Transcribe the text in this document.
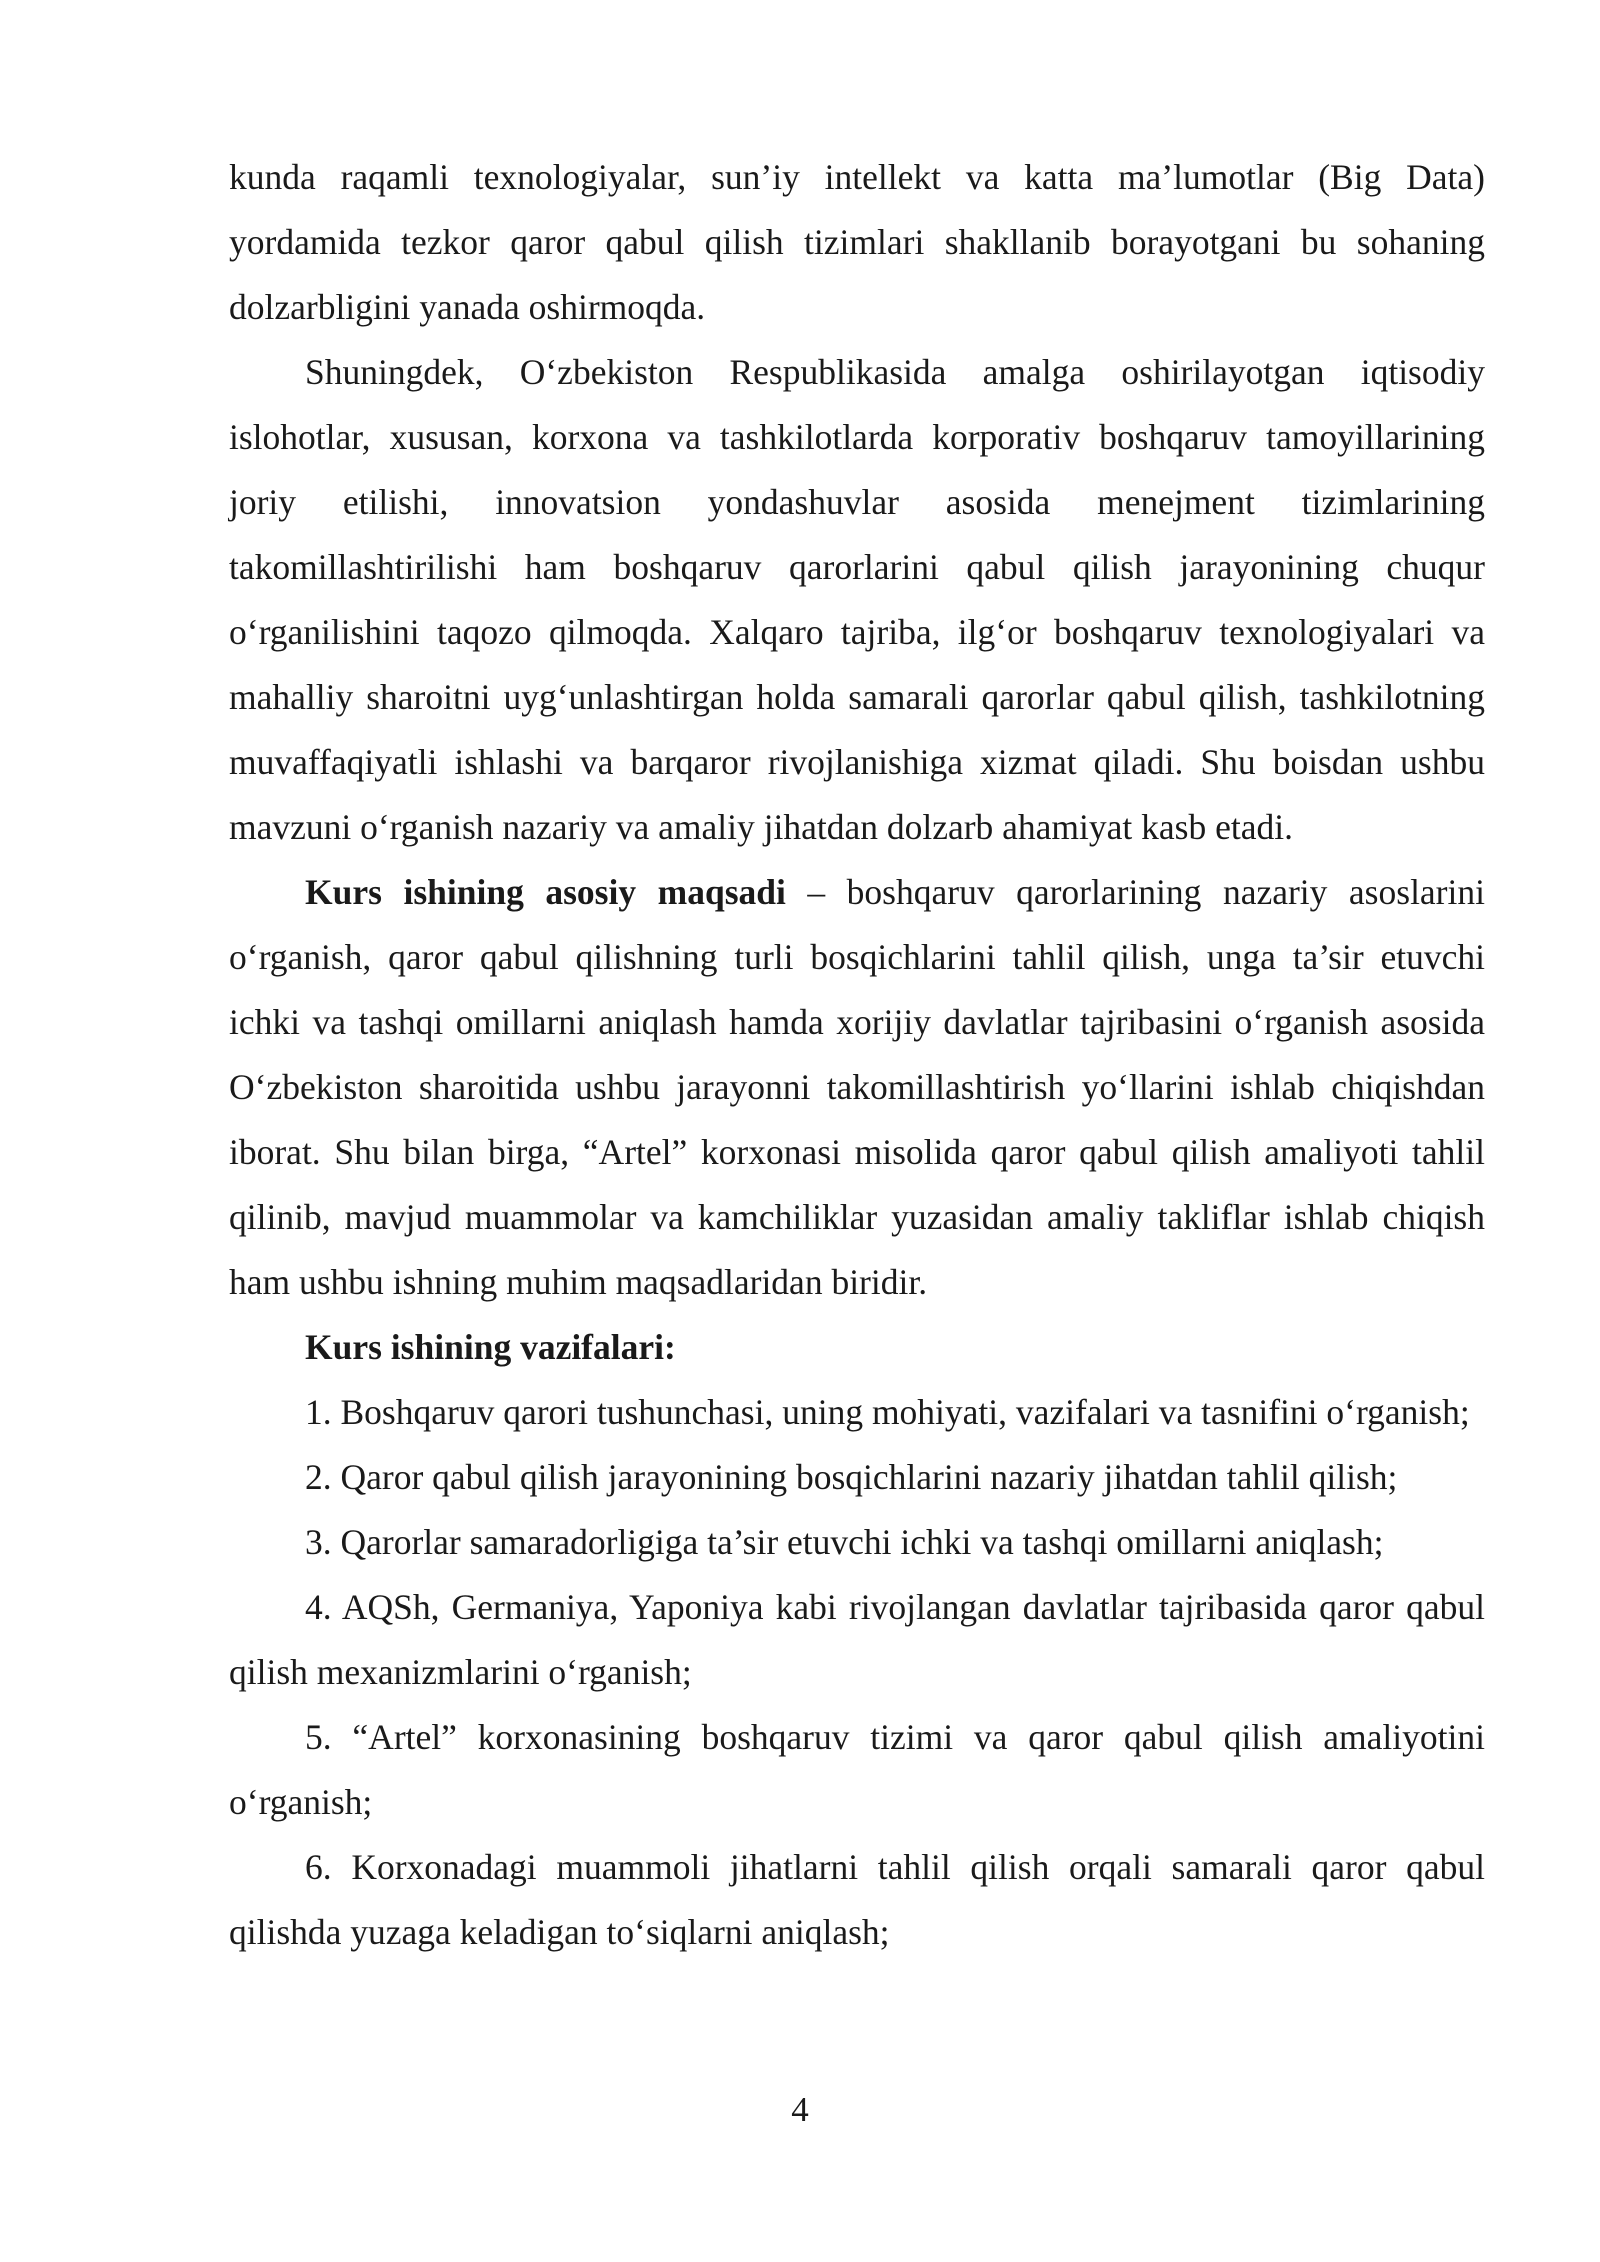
kunda raqamli texnologiyalar, sun’iy intellekt va katta ma’lumotlar (Big Data) yordamida tezkor qaror qabul qilish tizimlari shakllanib borayotgani bu sohaning dolzarbligini yanada oshirmoqda.

Shuningdek, O‘zbekiston Respublikasida amalga oshirilayotgan iqtisodiy islohotlar, xususan, korxona va tashkilotlarda korporativ boshqaruv tamoyillarining joriy etilishi, innovatsion yondashuvlar asosida menejment tizimlarining takomillashtirilishi ham boshqaruv qarorlarini qabul qilish jarayonining chuqur o‘rganilishini taqozo qilmoqda. Xalqaro tajriba, ilg‘or boshqaruv texnologiyalari va mahalliy sharoitni uyg‘unlashtirgan holda samarali qarorlar qabul qilish, tashkilotning muvaffaqiyatli ishlashi va barqaror rivojlanishiga xizmat qiladi. Shu boisdan ushbu mavzuni o‘rganish nazariy va amaliy jihatdan dolzarb ahamiyat kasb etadi.

Kurs ishining asosiy maqsadi – boshqaruv qarorlarining nazariy asoslarini o‘rganish, qaror qabul qilishning turli bosqichlarini tahlil qilish, unga ta’sir etuvchi ichki va tashqi omillarni aniqlash hamda xorijiy davlatlar tajribasini o‘rganish asosida O‘zbekiston sharoitida ushbu jarayonni takomillashtirish yo‘llarini ishlab chiqishdan iborat. Shu bilan birga, “Artel” korxonasi misolida qaror qabul qilish amaliyoti tahlil qilinib, mavjud muammolar va kamchiliklar yuzasidan amaliy takliflar ishlab chiqish ham ushbu ishning muhim maqsadlaridan biridir.

Kurs ishining vazifalari:

1. Boshqaruv qarori tushunchasi, uning mohiyati, vazifalari va tasnifini o‘rganish;

2. Qaror qabul qilish jarayonining bosqichlarini nazariy jihatdan tahlil qilish;

3. Qarorlar samaradorligiga ta’sir etuvchi ichki va tashqi omillarni aniqlash;

4. AQSh, Germaniya, Yaponiya kabi rivojlangan davlatlar tajribasida qaror qabul qilish mexanizmlarini o‘rganish;

5. “Artel” korxonasining boshqaruv tizimi va qaror qabul qilish amaliyotini o‘rganish;

6. Korxonadagi muammoli jihatlarni tahlil qilish orqali samarali qaror qabul qilishda yuzaga keladigan to‘siqlarni aniqlash;

4
